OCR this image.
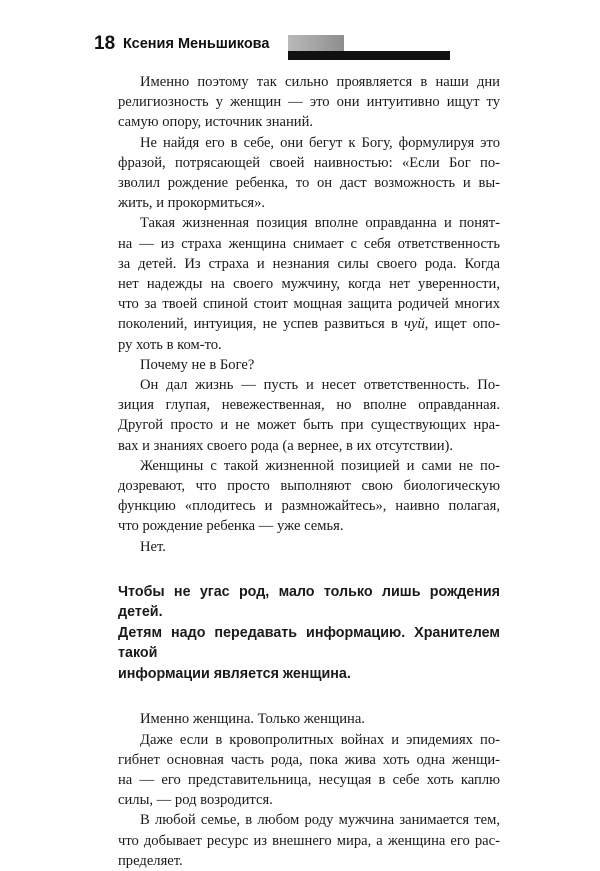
18 Ксения Меньшикова

Именно поэтому так сильно проявляется в наши дни
религиозность у женщин — это они интуитивно ищут ту
самую опору, источник знаний.

Не найдя его в себе, они бегут к Богу, формулируя это
фразой, потрясающей своей наивностью: «Если Бог по-
зволил рождение ребенка, то он даст возможность и вы-
жить, и прокормиться».

Такая жизненная позиция вполне оправданна и понят-
на — из страха женщина снимает с себя ответственность
за детей. Из страха и незнания силы своего рода. Когда
нет надежды на своего мужчину, когда нет уверенности,
что за твоей спиной стоит мощная защита родичей многих
поколений, интуиция, не успев развиться в чуй, ищет опо-
ру хоть в ком-то.

Почему не в Боге?

Он дал жизнь — пусть и несет ответственность. По-
зиция глупая, невежественная, но вполне оправданная.
Другой просто и не может быть при существующих нра-
вах и знаниях своего рода (а вернее, в их отсутствии).

Женщины с такой жизненной позицией и сами не по-
дозревают, что просто выполняют свою биологическую
функцию «плодитесь и размножайтесь», наивно полагая,
что рождение ребенка — уже семья.

Нет.

Чтобы не угас род, мало только лишь рождения детей.
Детям надо передавать информацию. Хранителем такой
информации является женщина.

Именно женщина. Только женщина.

Даже если в кровопролитных войнах и эпидемиях по-
гибнет основная часть рода, пока жива хоть одна женщи-
на — его представительница, несущая в себе хоть каплю
силы, — род возродится.

В любой семье, в любом роду мужчина занимается тем,
что добывает ресурс из внешнего мира, а женщина его рас-
пределяет.
